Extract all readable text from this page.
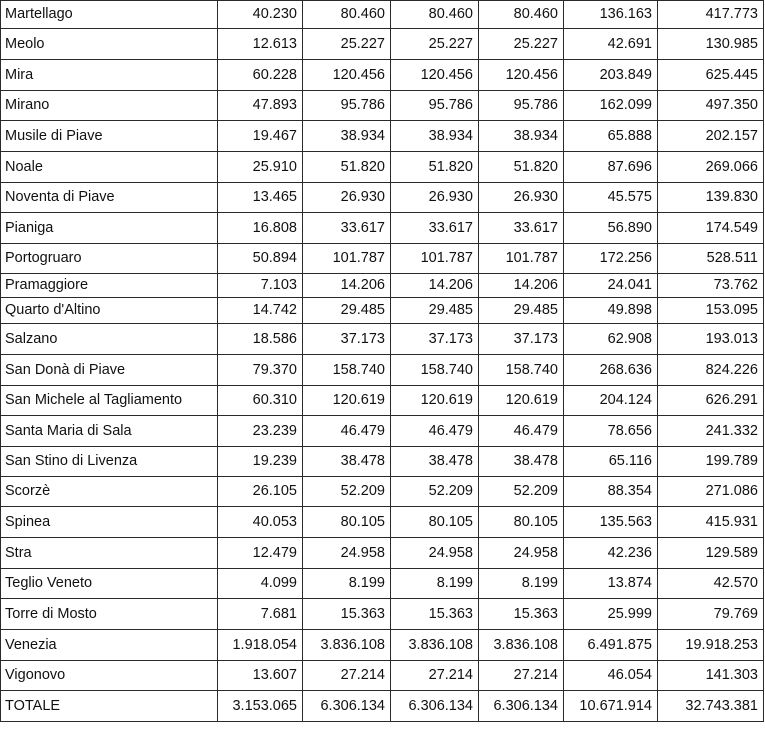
Martellago	40.230	80.460	80.460	80.460	136.163	417.773
Meolo	12.613	25.227	25.227	25.227	42.691	130.985
Mira	60.228	120.456	120.456	120.456	203.849	625.445
Mirano	47.893	95.786	95.786	95.786	162.099	497.350
Musile di Piave	19.467	38.934	38.934	38.934	65.888	202.157
Noale	25.910	51.820	51.820	51.820	87.696	269.066
Noventa di Piave	13.465	26.930	26.930	26.930	45.575	139.830
Pianiga	16.808	33.617	33.617	33.617	56.890	174.549
Portogruaro	50.894	101.787	101.787	101.787	172.256	528.511
Pramaggiore	7.103	14.206	14.206	14.206	24.041	73.762
Quarto d'Altino	14.742	29.485	29.485	29.485	49.898	153.095
Salzano	18.586	37.173	37.173	37.173	62.908	193.013
San Donà di Piave	79.370	158.740	158.740	158.740	268.636	824.226
San Michele al Tagliamento	60.310	120.619	120.619	120.619	204.124	626.291
Santa Maria di Sala	23.239	46.479	46.479	46.479	78.656	241.332
San Stino di Livenza	19.239	38.478	38.478	38.478	65.116	199.789
Scorzè	26.105	52.209	52.209	52.209	88.354	271.086
Spinea	40.053	80.105	80.105	80.105	135.563	415.931
Stra	12.479	24.958	24.958	24.958	42.236	129.589
Teglio Veneto	4.099	8.199	8.199	8.199	13.874	42.570
Torre di Mosto	7.681	15.363	15.363	15.363	25.999	79.769
Venezia	1.918.054	3.836.108	3.836.108	3.836.108	6.491.875	19.918.253
Vigonovo	13.607	27.214	27.214	27.214	46.054	141.303
TOTALE	3.153.065	6.306.134	6.306.134	6.306.134	10.671.914	32.743.381
